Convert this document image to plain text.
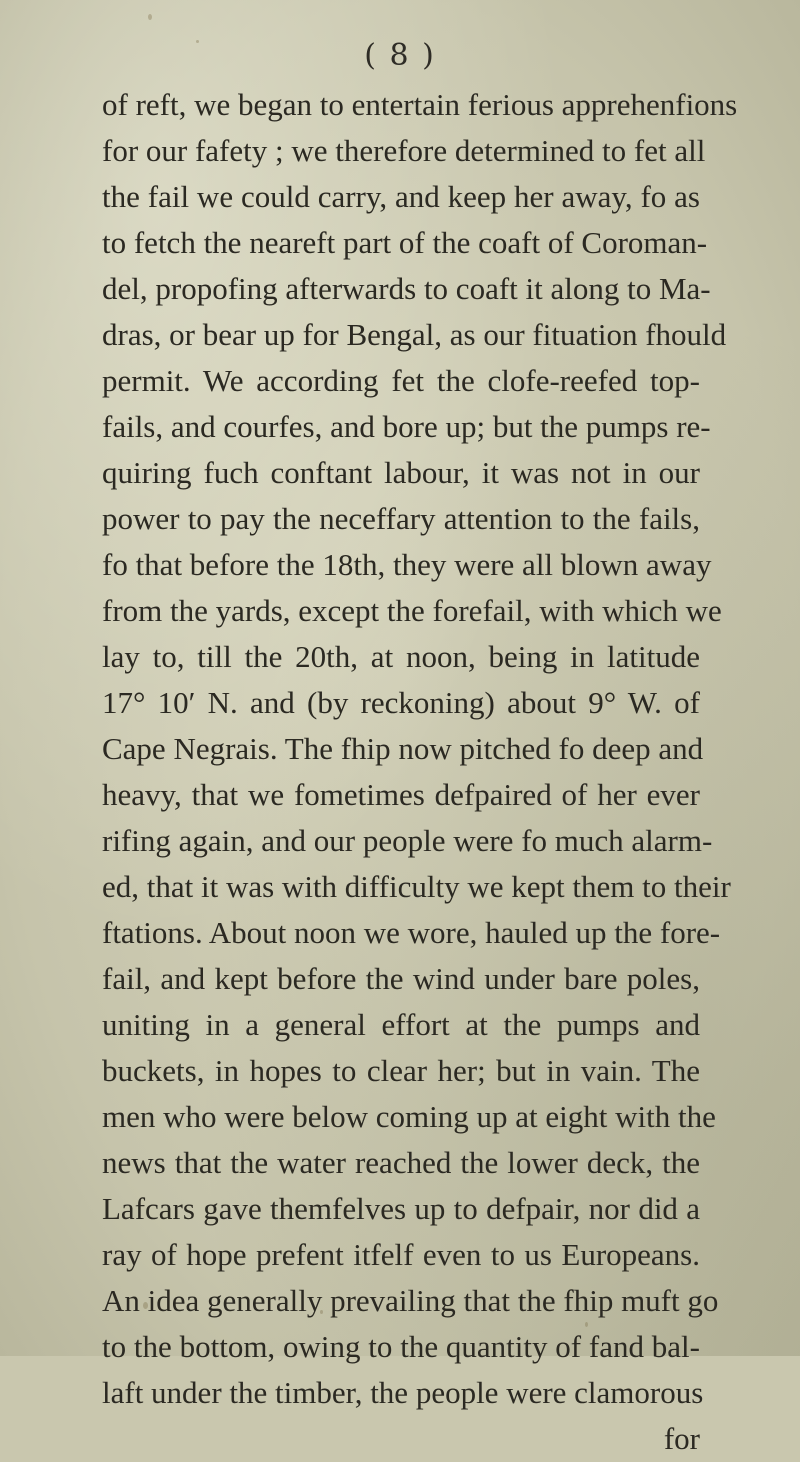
( 8 )
of reft, we began to entertain ferious apprehenfions
for our fafety ; we therefore determined to fet all
the fail we could carry, and keep her away, fo as
to fetch the neareft part of the coaft of Coroman-
del, propofing afterwards to coaft it along to Ma-
dras, or bear up for Bengal, as our fituation fhould
permit. We according fet the clofe-reefed top-
fails, and courfes, and bore up; but the pumps re-
quiring fuch conftant labour, it was not in our
power to pay the neceffary attention to the fails,
fo that before the 18th, they were all blown away
from the yards, except the forefail, with which we
lay to, till the 20th, at noon, being in latitude
17° 10′ N. and (by reckoning) about 9° W. of
Cape Negrais. The fhip now pitched fo deep and
heavy, that we fometimes defpaired of her ever
rifing again, and our people were fo much alarm-
ed, that it was with difficulty we kept them to their
ftations. About noon we wore, hauled up the fore-
fail, and kept before the wind under bare poles,
uniting in a general effort at the pumps and
buckets, in hopes to clear her; but in vain. The
men who were below coming up at eight with the
news that the water reached the lower deck, the
Lafcars gave themfelves up to defpair, nor did a
ray of hope prefent itfelf even to us Europeans.
An idea generally prevailing that the fhip muft go
to the bottom, owing to the quantity of fand bal-
laft under the timber, the people were clamorous
for
